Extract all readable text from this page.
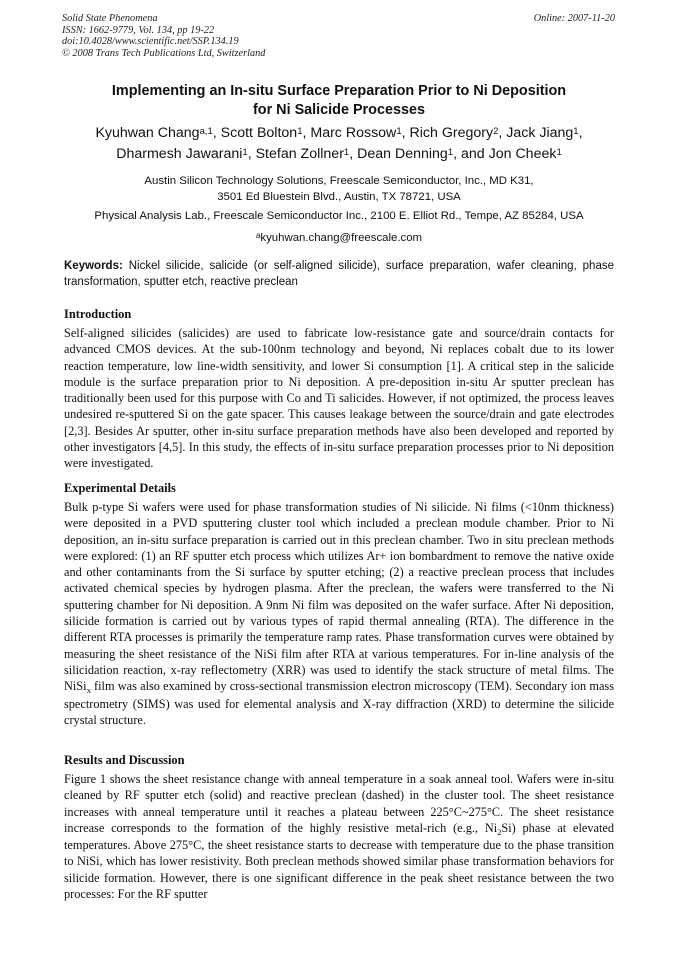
Solid State Phenomena
ISSN: 1662-9779, Vol. 134, pp 19-22
doi:10.4028/www.scientific.net/SSP.134.19
© 2008 Trans Tech Publications Ltd, Switzerland
Online: 2007-11-20
Implementing an In-situ Surface Preparation Prior to Ni Deposition
for Ni Salicide Processes
Kyuhwan Chang$^{a,1}$, Scott Bolton$^1$, Marc Rossow$^1$, Rich Gregory$^2$, Jack Jiang$^1$,
Dharmesh Jawarani$^1$, Stefan Zollner$^1$, Dean Denning$^1$, and Jon Cheek$^1$
Austin Silicon Technology Solutions, Freescale Semiconductor, Inc., MD K31,
3501 Ed Bluestein Blvd., Austin, TX 78721, USA
Physical Analysis Lab., Freescale Semiconductor Inc., 2100 E. Elliot Rd., Tempe, AZ 85284, USA
$^a$kyuhwan.chang@freescale.com
Keywords: Nickel silicide, salicide (or self-aligned silicide), surface preparation, wafer cleaning, phase transformation, sputter etch, reactive preclean
Introduction

Self-aligned silicides (salicides) are used to fabricate low-resistance gate and source/drain contacts for advanced CMOS devices. At the sub-100nm technology and beyond, Ni replaces cobalt due to its lower reaction temperature, low line-width sensitivity, and lower Si consumption [1]. A critical step in the salicide module is the surface preparation prior to Ni deposition. A pre-deposition in-situ Ar sputter preclean has traditionally been used for this purpose with Co and Ti salicides. However, if not optimized, the process leaves undesired re-sputtered Si on the gate spacer. This causes leakage between the source/drain and gate electrodes [2,3]. Besides Ar sputter, other in-situ surface preparation methods have also been developed and reported by other investigators [4,5]. In this study, the effects of in-situ surface preparation processes prior to Ni deposition were investigated.

Experimental Details

Bulk p-type Si wafers were used for phase transformation studies of Ni silicide. Ni films (<10nm thickness) were deposited in a PVD sputtering cluster tool which included a preclean module chamber. Prior to Ni deposition, an in-situ surface preparation is carried out in this preclean chamber. Two in situ preclean methods were explored: (1) an RF sputter etch process which utilizes Ar+ ion bombardment to remove the native oxide and other contaminants from the Si surface by sputter etching; (2) a reactive preclean process that includes activated chemical species by hydrogen plasma. After the preclean, the wafers were transferred to the Ni sputtering chamber for Ni deposition. A 9nm Ni film was deposited on the wafer surface. After Ni deposition, silicide formation is carried out by various types of rapid thermal annealing (RTA). The difference in the different RTA processes is primarily the temperature ramp rates. Phase transformation curves were obtained by measuring the sheet resistance of the NiSi film after RTA at various temperatures. For in-line analysis of the silicidation reaction, x-ray reflectometry (XRR) was used to identify the stack structure of metal films. The NiSi$_x$ film was also examined by cross-sectional transmission electron microscopy (TEM). Secondary ion mass spectrometry (SIMS) was used for elemental analysis and X-ray diffraction (XRD) to determine the silicide crystal structure.

Results and Discussion

Figure 1 shows the sheet resistance change with anneal temperature in a soak anneal tool. Wafers were in-situ cleaned by RF sputter etch (solid) and reactive preclean (dashed) in the cluster tool. The sheet resistance increases with anneal temperature until it reaches a plateau between 225°C~275°C. The sheet resistance increase corresponds to the formation of the highly resistive metal-rich (e.g., $Ni_2Si$) phase at elevated temperatures. Above 275°C, the sheet resistance starts to decrease with temperature due to the phase transition to NiSi, which has lower resistivity. Both preclean methods showed similar phase transformation behaviors for silicide formation. However, there is one significant difference in the peak sheet resistance between the two processes: For the RF sputter
